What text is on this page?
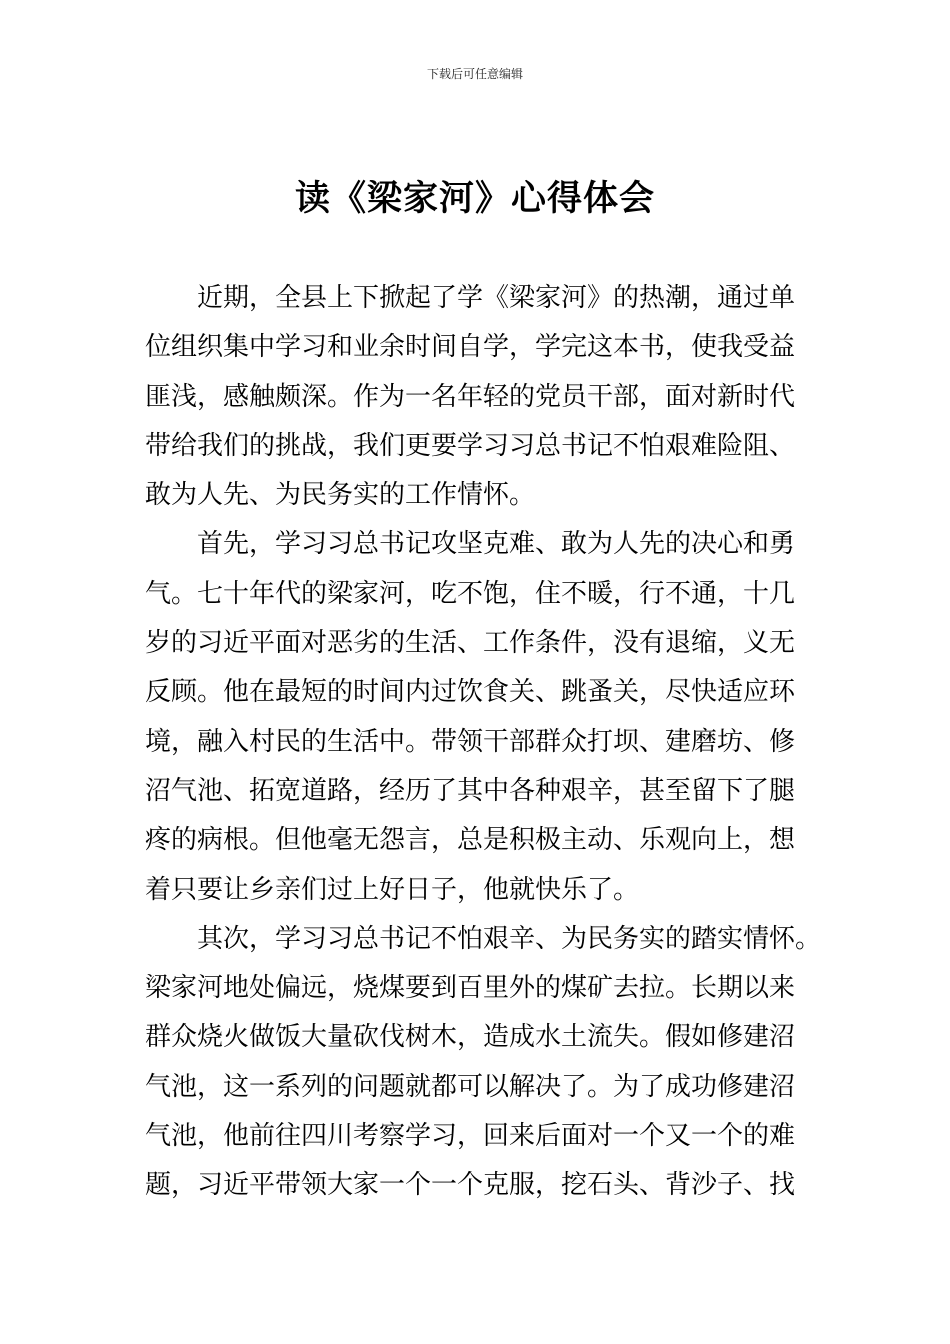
下载后可任意编辑
读《梁家河》心得体会
近期，全县上下掀起了学《梁家河》的热潮，通过单
位组织集中学习和业余时间自学，学完这本书，使我受益
匪浅，感触颇深。作为一名年轻的党员干部，面对新时代
带给我们的挑战，我们更要学习习总书记不怕艰难险阻、
敢为人先、为民务实的工作情怀。
首先，学习习总书记攻坚克难、敢为人先的决心和勇
气。七十年代的梁家河，吃不饱，住不暖，行不通，十几
岁的习近平面对恶劣的生活、工作条件，没有退缩，义无
反顾。他在最短的时间内过饮食关、跳蚤关，尽快适应环
境，融入村民的生活中。带领干部群众打坝、建磨坊、修
沼气池、拓宽道路，经历了其中各种艰辛，甚至留下了腿
疼的病根。但他毫无怨言，总是积极主动、乐观向上，想
着只要让乡亲们过上好日子，他就快乐了。
其次，学习习总书记不怕艰辛、为民务实的踏实情怀。
梁家河地处偏远，烧煤要到百里外的煤矿去拉。长期以来
群众烧火做饭大量砍伐树木，造成水土流失。假如修建沼
气池，这一系列的问题就都可以解决了。为了成功修建沼
气池，他前往四川考察学习，回来后面对一个又一个的难
题，习近平带领大家一个一个克服，挖石头、背沙子、找
